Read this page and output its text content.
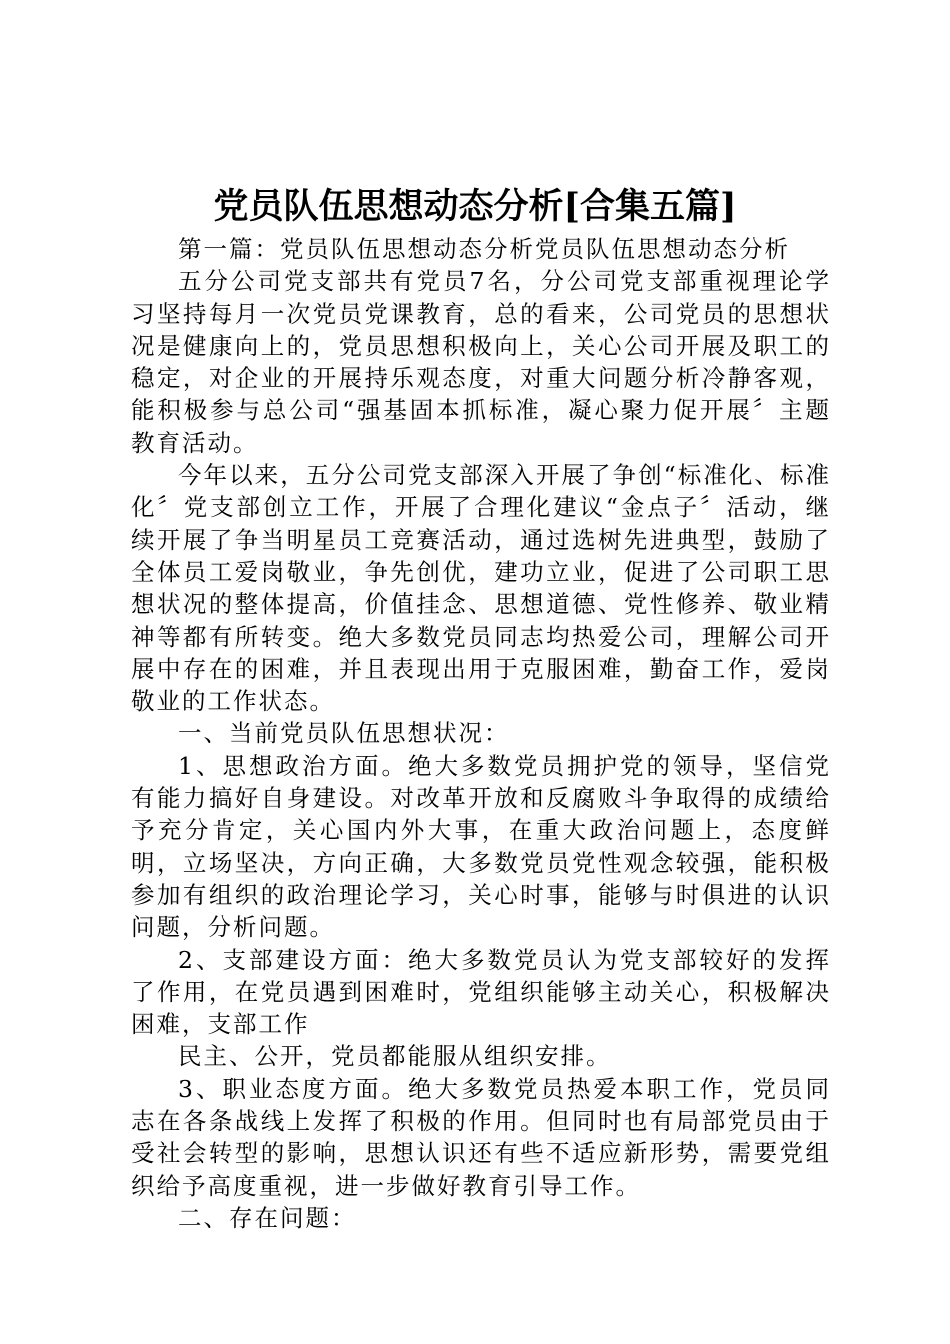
党员队伍思想动态分析[合集五篇]

第一篇：党员队伍思想动态分析党员队伍思想动态分析

五分公司党支部共有党员7名，分公司党支部重视理论学习坚持每月一次党员党课教育，总的看来，公司党员的思想状况是健康向上的，党员思想积极向上，关心公司开展及职工的稳定，对企业的开展持乐观态度，对重大问题分析冷静客观，能积极参与总公司“强基固本抓标准，凝心聚力促开展〞主题教育活动。

今年以来，五分公司党支部深入开展了争创“标准化、标准化〞党支部创立工作，开展了合理化建议“金点子〞活动，继续开展了争当明星员工竞赛活动，通过选树先进典型，鼓励了全体员工爱岗敬业，争先创优，建功立业，促进了公司职工思想状况的整体提高，价值挂念、思想道德、党性修养、敬业精神等都有所转变。绝大多数党员同志均热爱公司，理解公司开展中存在的困难，并且表现出用于克服困难，勤奋工作，爱岗敬业的工作状态。

一、当前党员队伍思想状况：

1、思想政治方面。绝大多数党员拥护党的领导，坚信党有能力搞好自身建设。对改革开放和反腐败斗争取得的成绩给予充分肯定，关心国内外大事，在重大政治问题上，态度鲜明，立场坚决，方向正确，大多数党员党性观念较强，能积极参加有组织的政治理论学习，关心时事，能够与时俱进的认识问题，分析问题。

2、支部建设方面：绝大多数党员认为党支部较好的发挥了作用，在党员遇到困难时，党组织能够主动关心，积极解决困难，支部工作

民主、公开，党员都能服从组织安排。

3、职业态度方面。绝大多数党员热爱本职工作，党员同志在各条战线上发挥了积极的作用。但同时也有局部党员由于受社会转型的影响，思想认识还有些不适应新形势，需要党组织给予高度重视，进一步做好教育引导工作。

二、存在问题：
